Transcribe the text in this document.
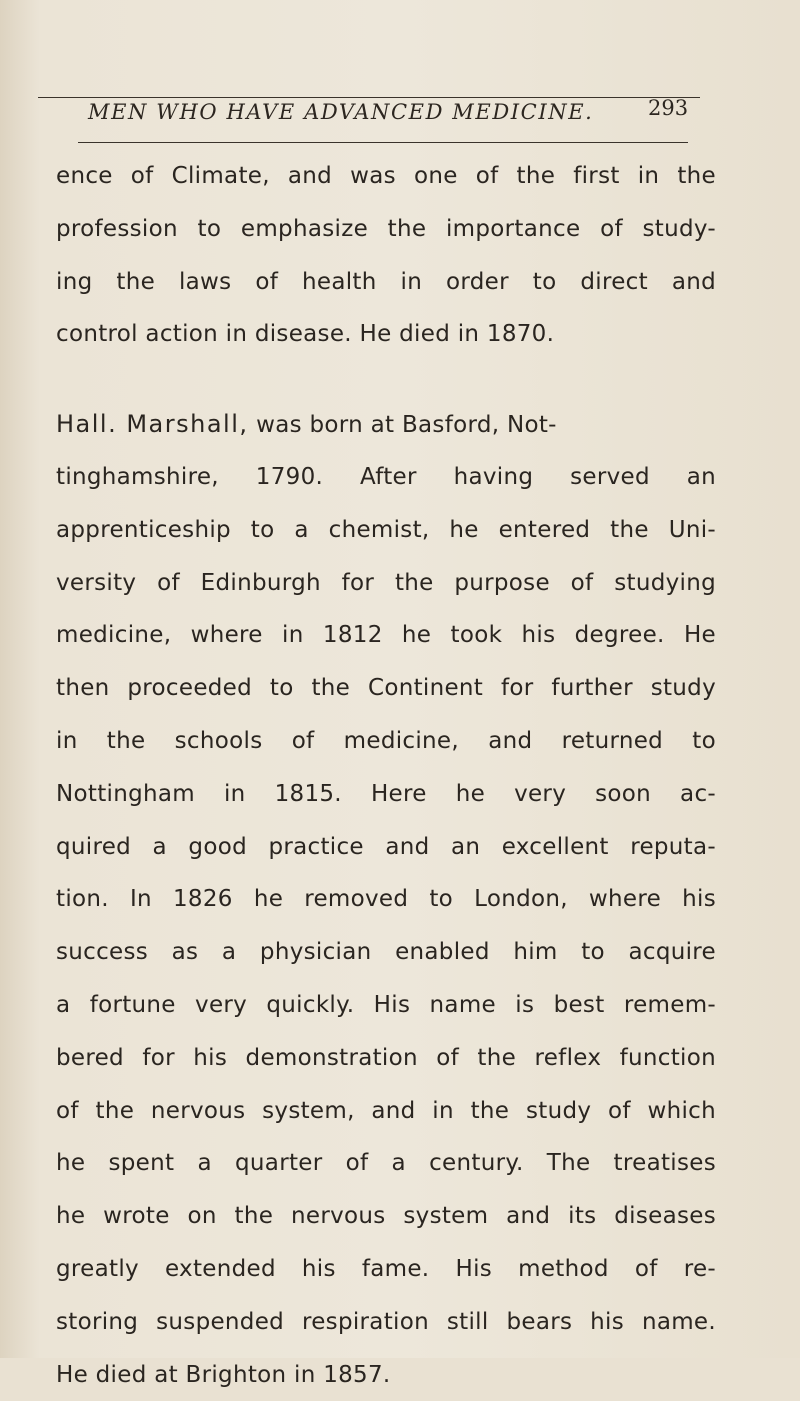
MEN WHO HAVE ADVANCED MEDICINE.	293
ence of Climate, and was one of the first in the
profession to emphasize the importance of study-
ing the laws of health in order to direct and
control action in disease. He died in 1870.
Hall. Marshall, was born at Basford, Not-
tinghamshire, 1790. After having served an
apprenticeship to a chemist, he entered the Uni-
versity of Edinburgh for the purpose of studying
medicine, where in 1812 he took his degree. He
then proceeded to the Continent for further study
in the schools of medicine, and returned to
Nottingham in 1815. Here he very soon ac-
quired a good practice and an excellent reputa-
tion. In 1826 he removed to London, where his
success as a physician enabled him to acquire
a fortune very quickly. His name is best remem-
bered for his demonstration of the reflex function
of the nervous system, and in the study of which
he spent a quarter of a century. The treatises
he wrote on the nervous system and its diseases
greatly extended his fame. His method of re-
storing suspended respiration still bears his name.
He died at Brighton in 1857.
